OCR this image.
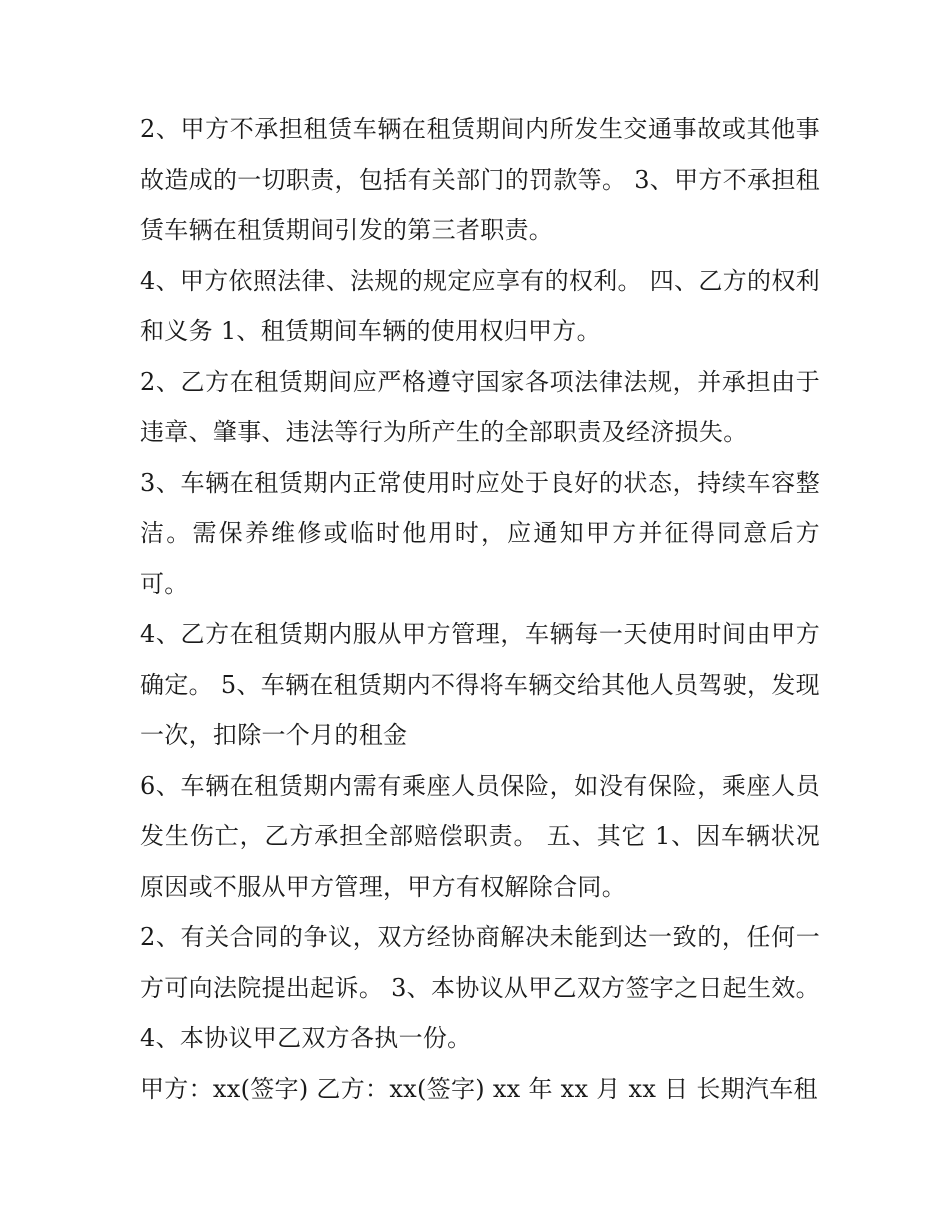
2、甲方不承担租赁车辆在租赁期间内所发生交通事故或其他事故造成的一切职责，包括有关部门的罚款等。 3、甲方不承担租赁车辆在租赁期间引发的第三者职责。

4、甲方依照法律、法规的规定应享有的权利。 四、乙方的权利和义务 1、租赁期间车辆的使用权归甲方。

2、乙方在租赁期间应严格遵守国家各项法律法规，并承担由于违章、肇事、违法等行为所产生的全部职责及经济损失。

3、车辆在租赁期内正常使用时应处于良好的状态，持续车容整洁。需保养维修或临时他用时，应通知甲方并征得同意后方可。

4、乙方在租赁期内服从甲方管理，车辆每一天使用时间由甲方确定。 5、车辆在租赁期内不得将车辆交给其他人员驾驶，发现一次，扣除一个月的租金

6、车辆在租赁期内需有乘座人员保险，如没有保险，乘座人员发生伤亡，乙方承担全部赔偿职责。 五、其它 1、因车辆状况原因或不服从甲方管理，甲方有权解除合同。

2、有关合同的争议，双方经协商解决未能到达一致的，任何一方可向法院提出起诉。 3、本协议从甲乙双方签字之日起生效。 4、本协议甲乙双方各执一份。

甲方：xx(签字) 乙方：xx(签字) xx 年 xx 月 xx 日 长期汽车租
